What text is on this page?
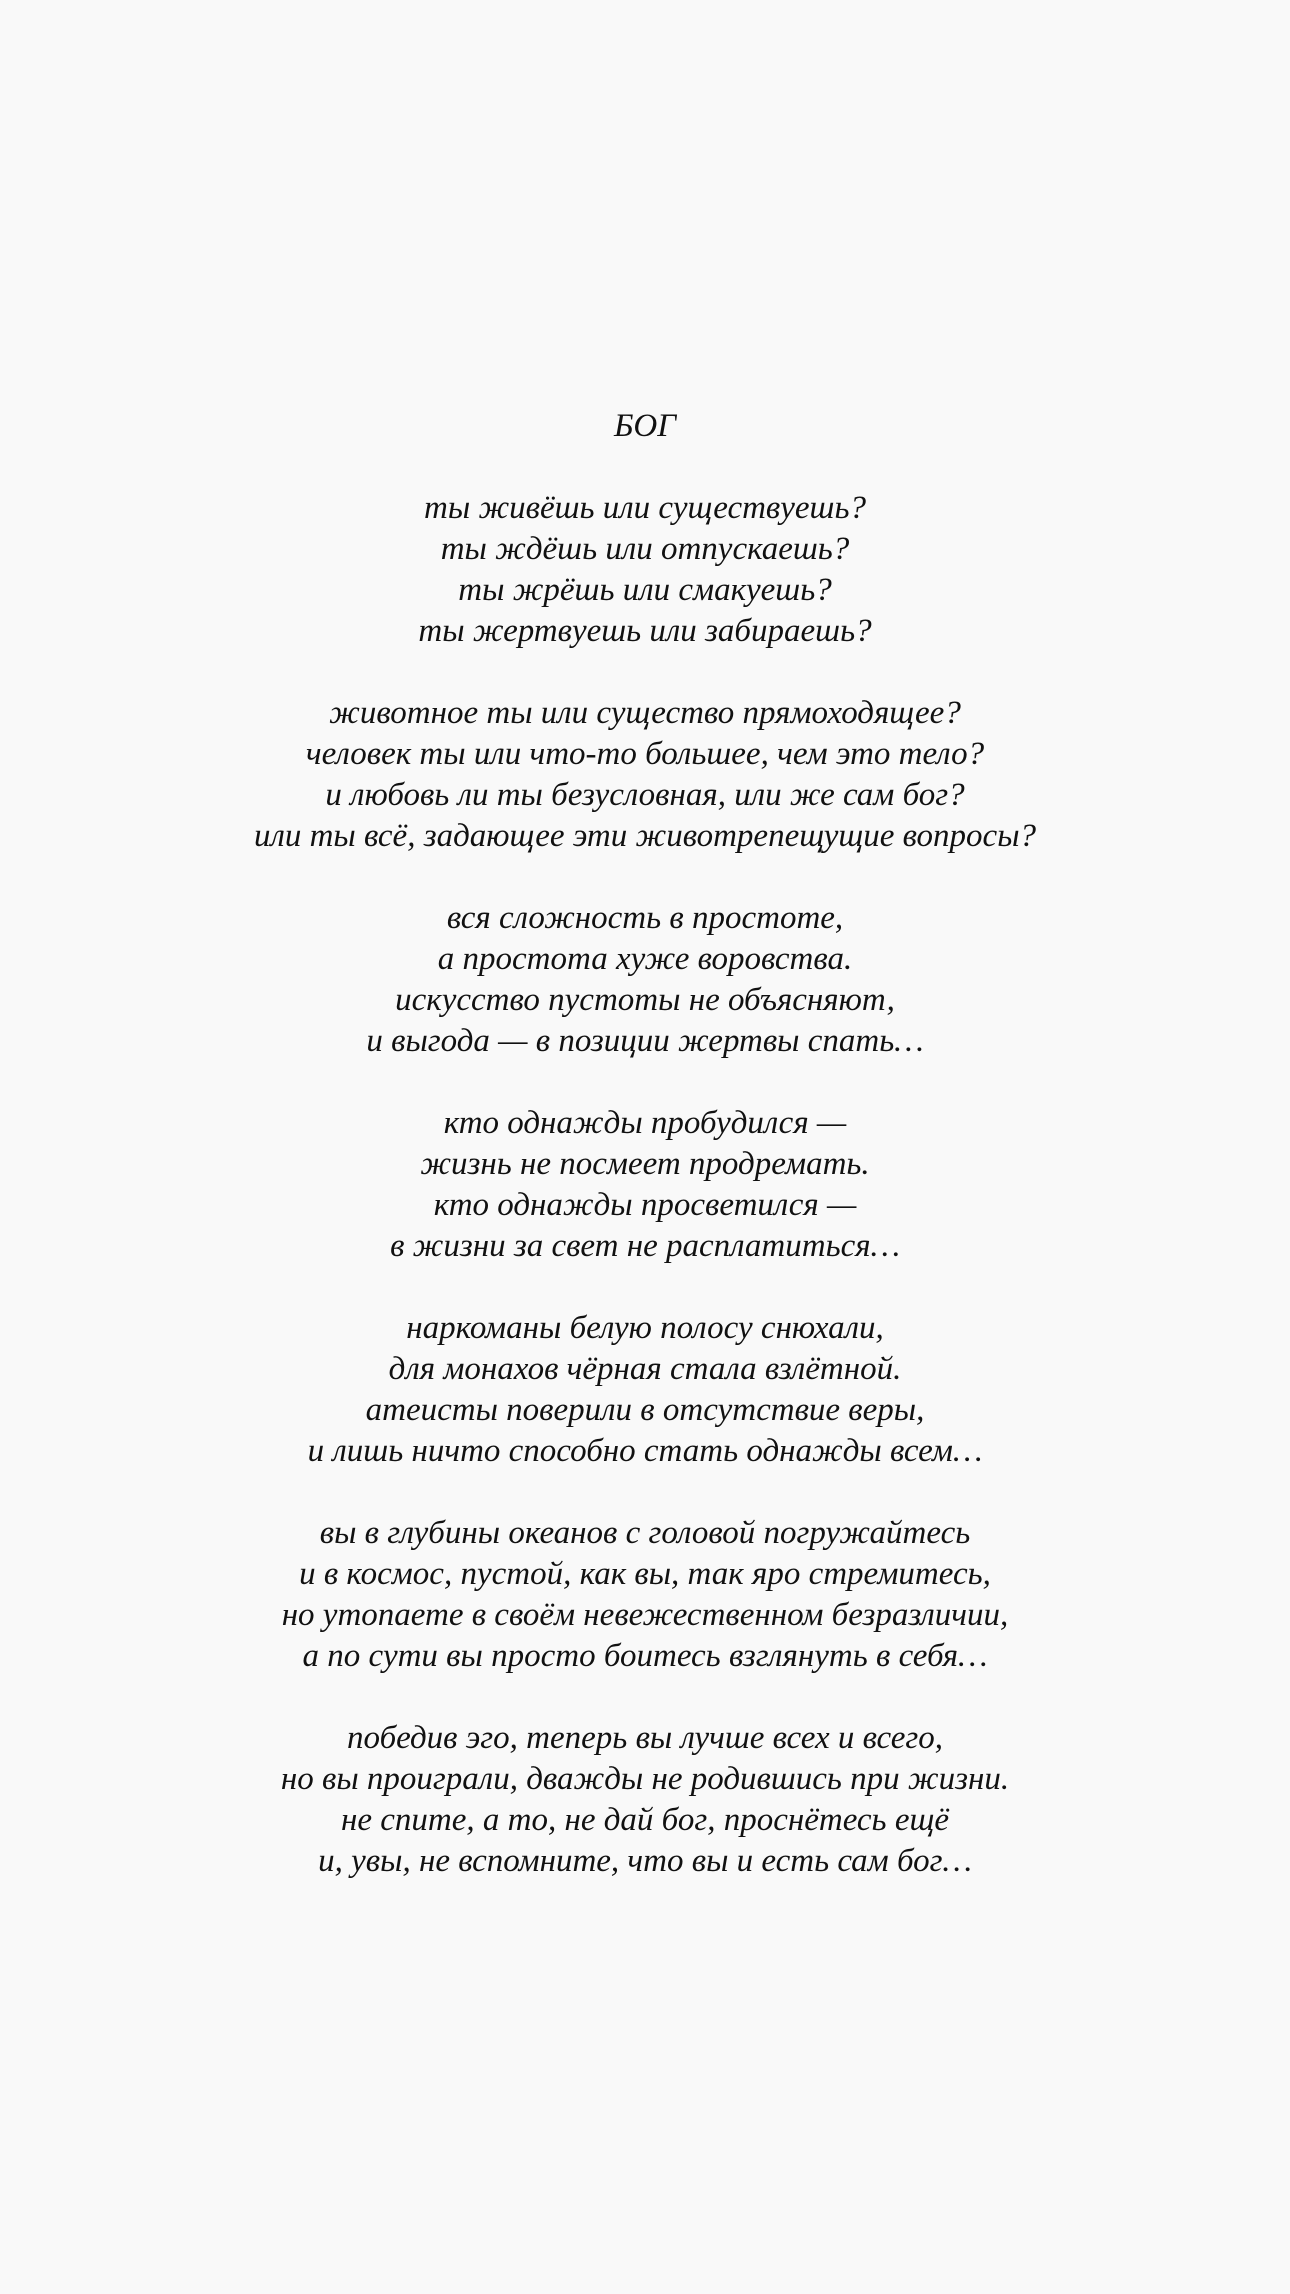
БОГ
ты живёшь или существуешь?
ты ждёшь или отпускаешь?
ты жрёшь или смакуешь?
ты жертвуешь или забираешь?
животное ты или существо прямоходящее?
человек ты или что-то большее, чем это тело?
и любовь ли ты безусловная, или же сам бог?
или ты всё, задающее эти животрепещущие вопросы?
вся сложность в простоте,
а простота хуже воровства.
искусство пустоты не объясняют,
и выгода — в позиции жертвы спать…
кто однажды пробудился —
жизнь не посмеет продремать.
кто однажды просветился —
в жизни за свет не расплатиться…
наркоманы белую полосу снюхали,
для монахов чёрная стала взлётной.
атеисты поверили в отсутствие веры,
и лишь ничто способно стать однажды всем…
вы в глубины океанов с головой погружайтесь
и в космос, пустой, как вы, так яро стремитесь,
но утопаете в своём невежественном безразличии,
а по сути вы просто боитесь взглянуть в себя…
победив эго, теперь вы лучше всех и всего,
но вы проиграли, дважды не родившись при жизни.
не спите, а то, не дай бог, проснётесь ещё
и, увы, не вспомните, что вы и есть сам бог…
